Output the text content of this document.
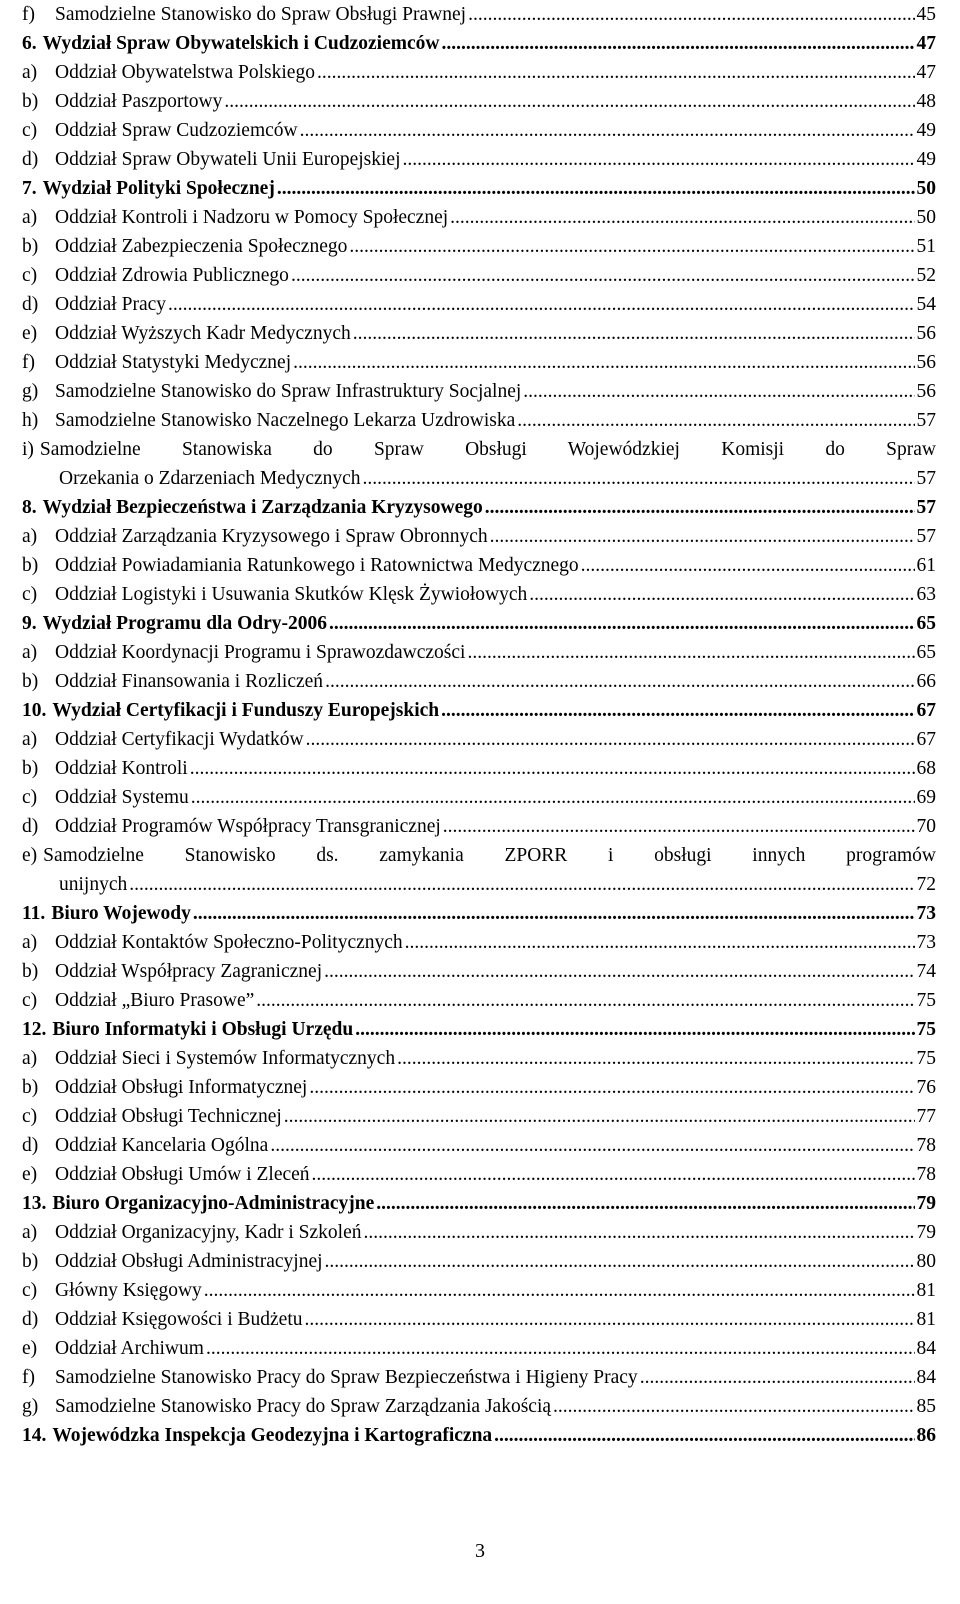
f)	Samodzielne Stanowisko do Spraw Obsługi Prawnej .....	45
6. Wydział Spraw Obywatelskich i Cudzoziemców .....	47
a) Oddział Obywatelstwa Polskiego .....	47
b) Oddział Paszportowy .....	48
c) Oddział Spraw Cudzoziemców .....	49
d) Oddział Spraw Obywateli Unii Europejskiej .....	49
7. Wydział Polityki Społecznej .....	50
a) Oddział Kontroli i Nadzoru w Pomocy Społecznej .....	50
b) Oddział Zabezpieczenia Społecznego .....	51
c) Oddział Zdrowia Publicznego .....	52
d) Oddział Pracy .....	54
e) Oddział Wyższych Kadr Medycznych .....	56
f)	Oddział Statystyki Medycznej .....	56
g) Samodzielne Stanowisko do Spraw Infrastruktury Socjalnej .....	56
h) Samodzielne Stanowisko Naczelnego Lekarza Uzdrowiska .....	57
i) Samodzielne Stanowiska do Spraw Obsługi Wojewódzkiej Komisji do Spraw
Orzekania o Zdarzeniach Medycznych .....	57
8. Wydział Bezpieczeństwa i Zarządzania Kryzysowego .....	57
a) Oddział Zarządzania Kryzysowego i Spraw Obronnych .....	57
b) Oddział Powiadamiania Ratunkowego i Ratownictwa Medycznego .....	61
c) Oddział Logistyki i Usuwania Skutków Klęsk Żywiołowych .....	63
9. Wydział Programu dla Odry-2006 .....	65
a) Oddział Koordynacji Programu i Sprawozdawczości .....	65
b) Oddział Finansowania i Rozliczeń .....	66
10. Wydział Certyfikacji i Funduszy Europejskich .....	67
a) Oddział Certyfikacji Wydatków .....	67
b) Oddział Kontroli .....	68
c) Oddział Systemu .....	69
d) Oddział Programów Współpracy Transgranicznej .....	70
e) Samodzielne Stanowisko ds. zamykania ZPORR i obsługi innych programów
unijnych .....	72
11. Biuro Wojewody .....	73
a) Oddział Kontaktów Społeczno-Politycznych .....	73
b) Oddział Współpracy Zagranicznej .....	74
c) Oddział „Biuro Prasowe” .....	75
12. Biuro Informatyki i Obsługi Urzędu .....	75
a) Oddział Sieci i Systemów Informatycznych .....	75
b) Oddział Obsługi Informatycznej .....	76
c) Oddział Obsługi Technicznej .....	77
d) Oddział Kancelaria Ogólna .....	78
e) Oddział Obsługi Umów i Zleceń .....	78
13. Biuro Organizacyjno-Administracyjne .....	79
a) Oddział Organizacyjny, Kadr i Szkoleń .....	79
b) Oddział Obsługi Administracyjnej .....	80
c) Główny Księgowy .....	81
d) Oddział Księgowości i Budżetu .....	81
e) Oddział Archiwum .....	84
f)	Samodzielne Stanowisko Pracy do Spraw Bezpieczeństwa i Higieny Pracy .....	84
g) Samodzielne Stanowisko Pracy do Spraw Zarządzania Jakością .....	85
14. Wojewódzka Inspekcja Geodezyjna i Kartograficzna .....	86
3
